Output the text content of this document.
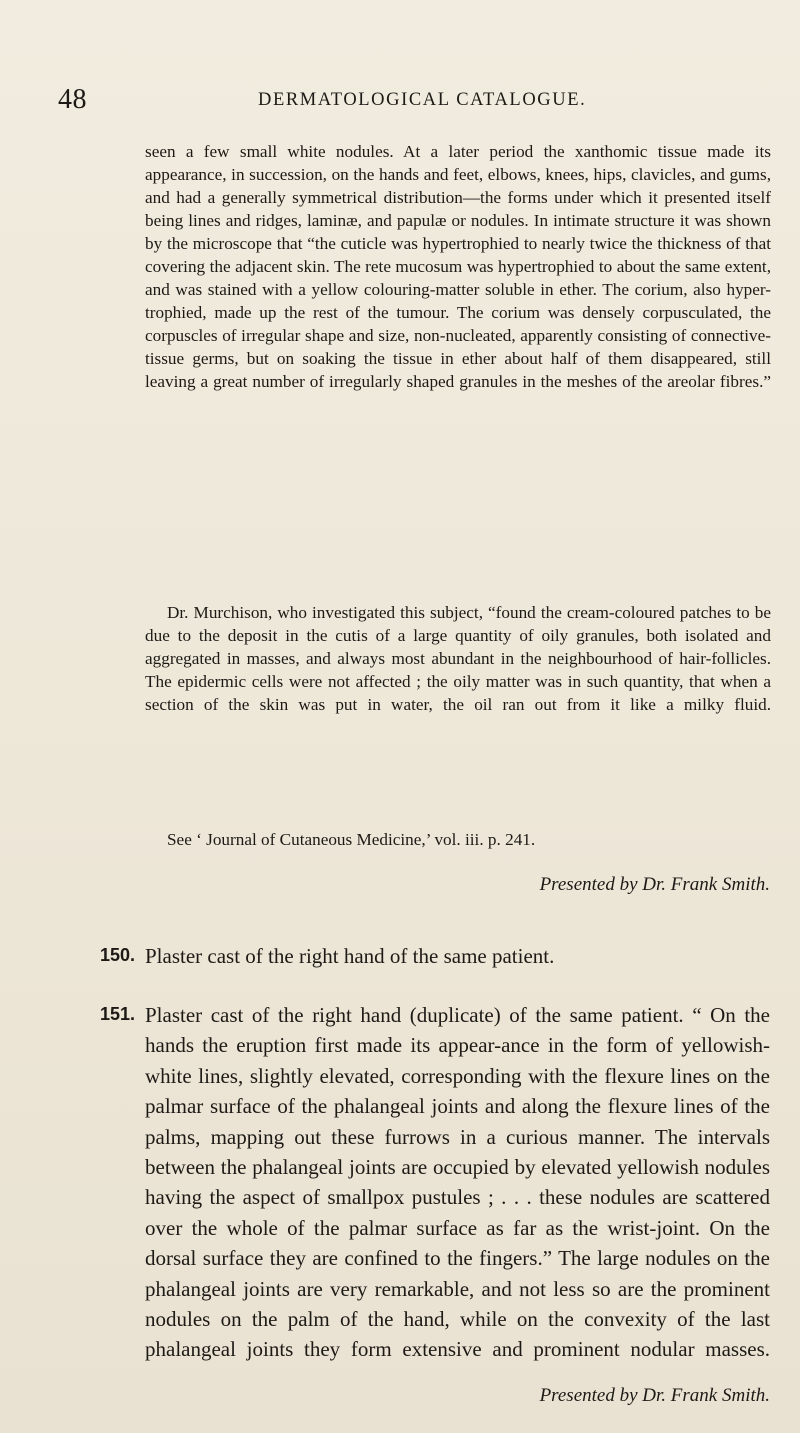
48	DERMATOLOGICAL CATALOGUE.

seen a few small white nodules. At a later period the xanthomic tissue made its appearance, in succession, on the hands and feet, elbows, knees, hips, clavicles, and gums, and had a generally symmetrical distribution—the forms under which it presented itself being lines and ridges, laminæ, and papulæ or nodules. In intimate structure it was shown by the microscope that “the cuticle was hypertrophied to nearly twice the thickness of that covering the adjacent skin. The rete mucosum was hypertrophied to about the same extent, and was stained with a yellow colouring-matter soluble in ether. The corium, also hyper-trophied, made up the rest of the tumour. The corium was densely corpusculated, the corpuscles of irregular shape and size, non-nucleated, apparently consisting of connective-tissue germs, but on soaking the tissue in ether about half of them disappeared, still leaving a great number of irregularly shaped granules in the meshes of the areolar fibres.”

Dr. Murchison, who investigated this subject, “found the cream-coloured patches to be due to the deposit in the cutis of a large quantity of oily granules, both isolated and aggregated in masses, and always most abundant in the neighbourhood of hair-follicles. The epidermic cells were not affected ; the oily matter was in such quantity, that when a section of the skin was put in water, the oil ran out from it like a milky fluid.

See ‘ Journal of Cutaneous Medicine,’ vol. iii. p. 241.

Presented by Dr. Frank Smith.
150. Plaster cast of the right hand of the same patient.

151. Plaster cast of the right hand (duplicate) of the same patient. “ On the hands the eruption first made its appear-ance in the form of yellowish-white lines, slightly elevated, corresponding with the flexure lines on the palmar surface of the phalangeal joints and along the flexure lines of the palms, mapping out these furrows in a curious manner. The intervals between the phalangeal joints are occupied by elevated yellowish nodules having the aspect of smallpox pustules ; . . . these nodules are scattered over the whole of the palmar surface as far as the wrist-joint. On the dorsal surface they are confined to the fingers.” The large nodules on the phalangeal joints are very remarkable, and not less so are the prominent nodules on the palm of the hand, while on the convexity of the last phalangeal joints they form extensive and prominent nodular masses.

Presented by Dr. Frank Smith.
